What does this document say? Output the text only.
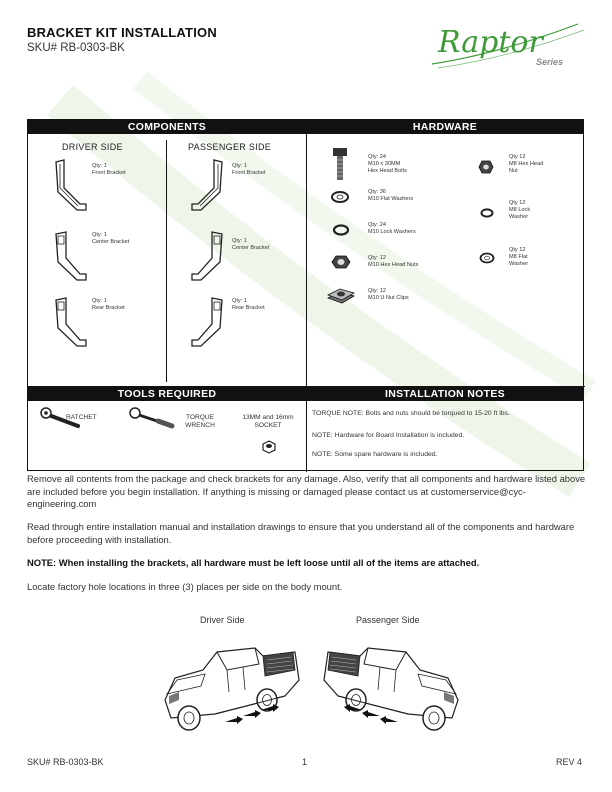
BRACKET KIT INSTALLATION
SKU# RB-0303-BK	Raptor
Series
COMPONENTS	HARDWARE
TOOLS REQUIRED	INSTALLATION NOTES
DRIVER SIDE	PASSENGER SIDE
Qty: 1
Front Bracket
Qty: 1
Center Bracket
Qty: 1
Rear Bracket
Qty: 1
Front Bracket
Qty: 1
Center Bracket
Qty: 1
Rear Bracket
Qty: 24
M10 x 30MM
Hex Head Bolts
Qty: 36
M10 Flat Washers
Qty: 24
M10 Lock Washers
Qty: 12
M10 Hex Head Nuts
Qty: 12
M10 U Nut Clips
Qty 12
M8 Hex Head
Nut
Qty 12
M8 Lock
Washer
Qty 12
M8 Flat
Washer
RATCHET	TORQUE
WRENCH
13MM and 16mm
SOCKET
TORQUE NOTE: Bolts and nuts should be torqued to 15-20 ft lbs.
NOTE: Hardware for Board Installation is included.
NOTE: Some spare hardware is included.
Remove all contents from the package and check brackets for any damage. Also, verify that all components and hardware listed above are included before you begin installation. If anything is missing or damaged please contact us at customerservice@cyc-engineering.com
Read through entire installation manual and installation drawings to ensure that you understand all of the components and hardware before proceeding with installation.
NOTE: When installing the brackets, all hardware must be left loose until all of the items are attached.
Locate factory hole locations in three (3) places per side on the body mount.
Driver Side	Passenger Side
SKU# RB-0303-BK	1	REV 4
